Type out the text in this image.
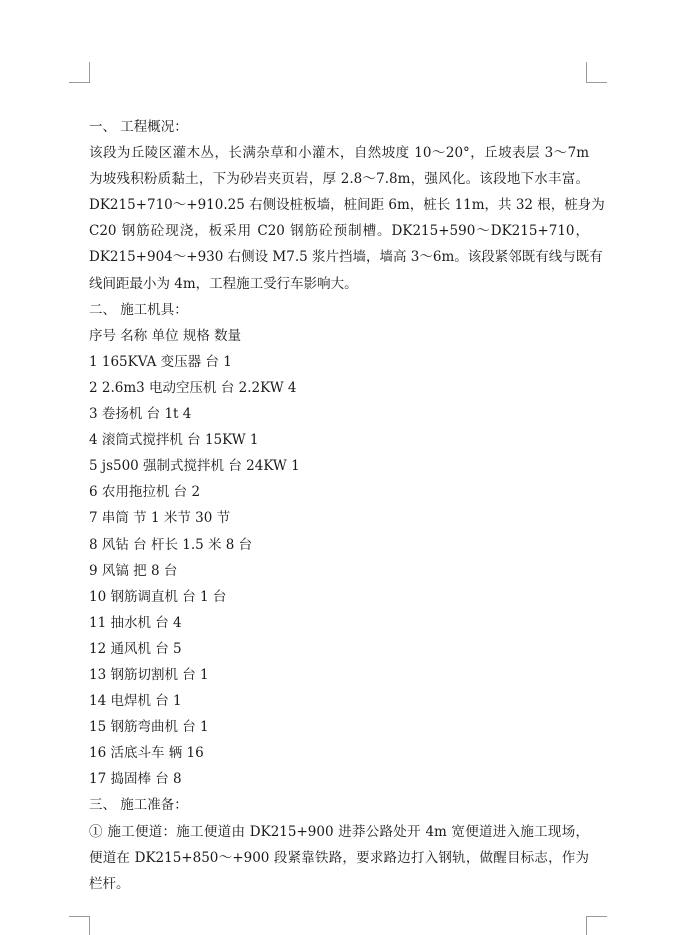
一、 工程概况：
该段为丘陵区灌木丛，长满杂草和小灌木，自然坡度 10～20°，丘坡表层 3～7m
为坡残积粉质黏土，下为砂岩夹页岩，厚 2.8～7.8m，强风化。该段地下水丰富。
DK215+710～+910.25 右侧设桩板墙，桩间距 6m，桩长 11m，共 32 根，桩身为
C20 钢筋砼现浇，板采用 C20 钢筋砼预制槽。DK215+590～DK215+710，
DK215+904～+930 右侧设 M7.5 浆片挡墙，墙高 3～6m。该段紧邻既有线与既有
线间距最小为 4m，工程施工受行车影响大。
二、 施工机具：
序号 名称 单位 规格 数量
1 165KVA 变压器 台 1
2 2.6m3 电动空压机 台 2.2KW 4
3 卷扬机 台 1t 4
4 滚筒式搅拌机 台 15KW 1
5 js500 强制式搅拌机 台 24KW 1
6 农用拖拉机 台 2
7 串筒 节 1 米节 30 节
8 风钻 台 杆长 1.5 米 8 台
9 风镐 把 8 台
10 钢筋调直机 台 1 台
11 抽水机 台 4
12 通风机 台 5
13 钢筋切割机 台 1
14 电焊机 台 1
15 钢筋弯曲机 台 1
16 活底斗车 辆 16
17 捣固棒 台 8
三、 施工准备：
① 施工便道：施工便道由 DK215+900 进莽公路处开 4m 宽便道进入施工现场，
便道在 DK215+850～+900 段紧靠铁路，要求路边打入钢轨，做醒目标志，作为
栏杆。
